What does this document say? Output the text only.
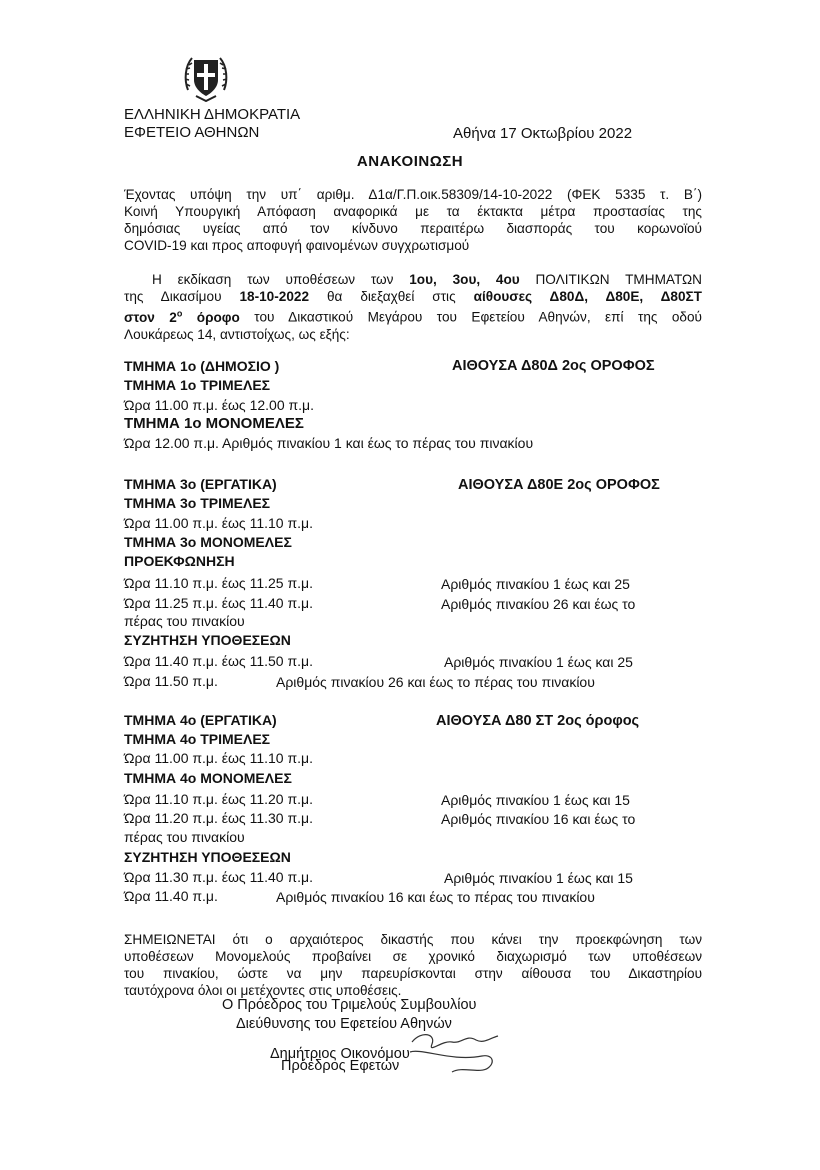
ΕΛΛΗΝΙΚΗ ΔΗΜΟΚΡΑΤΙΑ
ΕΦΕΤΕΙΟ ΑΘΗΝΩΝ	Αθήνα 17 Οκτωβρίου 2022
ΑΝΑΚΟΙΝΩΣΗ
Έχοντας υπόψη την υπ΄ αριθμ. Δ1α/Γ.Π.οικ.58309/14-10-2022 (ΦΕΚ 5335 τ. Β΄)
Κοινή Υπουργική Απόφαση αναφορικά με τα έκτακτα μέτρα προστασίας της
δημόσιας υγείας από τον κίνδυνο περαιτέρω διασποράς του κορωνοϊού
COVID-19 και προς αποφυγή φαινομένων συγχρωτισμού
Η εκδίκαση των υποθέσεων των 1ου, 3ου, 4ου ΠΟΛΙΤΙΚΩΝ ΤΜΗΜΑΤΩΝ
της Δικασίμου 18-10-2022 θα διεξαχθεί στις αίθουσες Δ80Δ, Δ80Ε, Δ80ΣΤ
στον $2^o$ όροφο του Δικαστικού Μεγάρου του Εφετείου Αθηνών, επί της οδού
Λουκάρεως 14, αντιστοίχως, ως εξής:
ΤΜΗΜΑ 1ο (ΔΗΜΟΣΙΟ )	ΑΙΘΟΥΣΑ Δ80Δ 2ος ΟΡΟΦΟΣ
ΤΜΗΜΑ 1ο ΤΡΙΜΕΛΕΣ
Ώρα 11.00 π.μ. έως 12.00 π.μ.
ΤΜΗΜΑ 1ο ΜΟΝΟΜΕΛΕΣ
Ώρα 12.00 π.μ. Αριθμός πινακίου 1 και έως το πέρας του πινακίου
ΤΜΗΜΑ 3ο (ΕΡΓΑΤΙΚΑ)	ΑΙΘΟΥΣΑ Δ80Ε 2ος ΟΡΟΦΟΣ
ΤΜΗΜΑ 3ο ΤΡΙΜΕΛΕΣ
Ώρα 11.00 π.μ. έως 11.10 π.μ.
ΤΜΗΜΑ 3ο ΜΟΝΟΜΕΛΕΣ
ΠΡΟΕΚΦΩΝΗΣΗ
Ώρα 11.10 π.μ. έως 11.25 π.μ.	Αριθμός πινακίου 1 έως και 25
Ώρα 11.25 π.μ. έως 11.40 π.μ.	Αριθμός πινακίου 26 και έως το
πέρας του πινακίου
ΣΥΖΗΤΗΣΗ ΥΠΟΘΕΣΕΩΝ
Ώρα 11.40 π.μ. έως 11.50 π.μ.	Αριθμός πινακίου 1 έως και 25
Ώρα 11.50 π.μ.	Αριθμός πινακίου 26 και έως το πέρας του πινακίου
ΤΜΗΜΑ 4ο (ΕΡΓΑΤΙΚΑ)	ΑΙΘΟΥΣΑ Δ80 ΣΤ 2ος όροφος
ΤΜΗΜΑ 4ο ΤΡΙΜΕΛΕΣ
Ώρα 11.00 π.μ. έως 11.10 π.μ.
ΤΜΗΜΑ 4ο ΜΟΝΟΜΕΛΕΣ
Ώρα 11.10 π.μ. έως 11.20 π.μ.	Αριθμός πινακίου 1 έως και 15
Ώρα 11.20 π.μ. έως 11.30 π.μ.	Αριθμός πινακίου 16 και έως το
πέρας του πινακίου
ΣΥΖΗΤΗΣΗ ΥΠΟΘΕΣΕΩΝ
Ώρα 11.30 π.μ. έως 11.40 π.μ.	Αριθμός πινακίου 1 έως και 15
Ώρα 11.40 π.μ.	Αριθμός πινακίου 16 και έως το πέρας του πινακίου
ΣΗΜΕΙΩΝΕΤΑΙ ότι ο αρχαιότερος δικαστής που κάνει την προεκφώνηση των
υποθέσεων Μονομελούς προβαίνει σε χρονικό διαχωρισμό των υποθέσεων
του πινακίου, ώστε να μην παρευρίσκονται στην αίθουσα του Δικαστηρίου
ταυτόχρονα όλοι οι μετέχοντες στις υποθέσεις.
Ο Πρόεδρος του Τριμελούς Συμβουλίου
Διεύθυνσης του Εφετείου Αθηνών
Δημήτριος Οικονόμου
Πρόεδρος Εφετών
